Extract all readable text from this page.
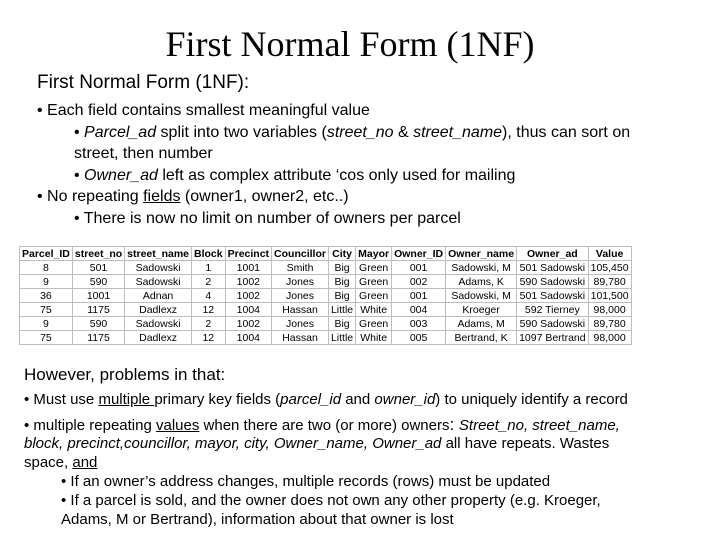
First Normal Form (1NF)
First Normal Form (1NF):
• Each field contains smallest meaningful value
• Parcel_ad split into two variables (street_no & street_name), thus can sort on
street, then number
• Owner_ad left as complex attribute ‘cos only used for mailing
• No repeating fields (owner1, owner2, etc..)
• There is now no limit on number of owners per parcel
Parcel_ID	street_no	street_name	Block	Precinct	Councillor	City	Mayor	Owner_ID	Owner_name	Owner_ad	Value
8	501	Sadowski	1	1001	Smith	Big	Green	001	Sadowski, M	501 Sadowski	105,450
9	590	Sadowski	2	1002	Jones	Big	Green	002	Adams, K	590 Sadowski	89,780
36	1001	Adnan	4	1002	Jones	Big	Green	001	Sadowski, M	501 Sadowski	101,500
75	1175	Dadlexz	12	1004	Hassan	Little	White	004	Kroeger	592 Tierney	98,000
9	590	Sadowski	2	1002	Jones	Big	Green	003	Adams, M	590 Sadowski	89,780
75	1175	Dadlexz	12	1004	Hassan	Little	White	005	Bertrand, K	1097 Bertrand	98,000
However, problems in that:
• Must use multiple primary key fields (parcel_id and owner_id) to uniquely identify a record
• multiple repeating values when there are two (or more) owners: Street_no, street_name,
block, precinct,councillor, mayor, city, Owner_name, Owner_ad all have repeats. Wastes
space, and
• If an owner’s address changes, multiple records (rows) must be updated
• If a parcel is sold, and the owner does not own any other property (e.g. Kroeger,
Adams, M or Bertrand), information about that owner is lost
